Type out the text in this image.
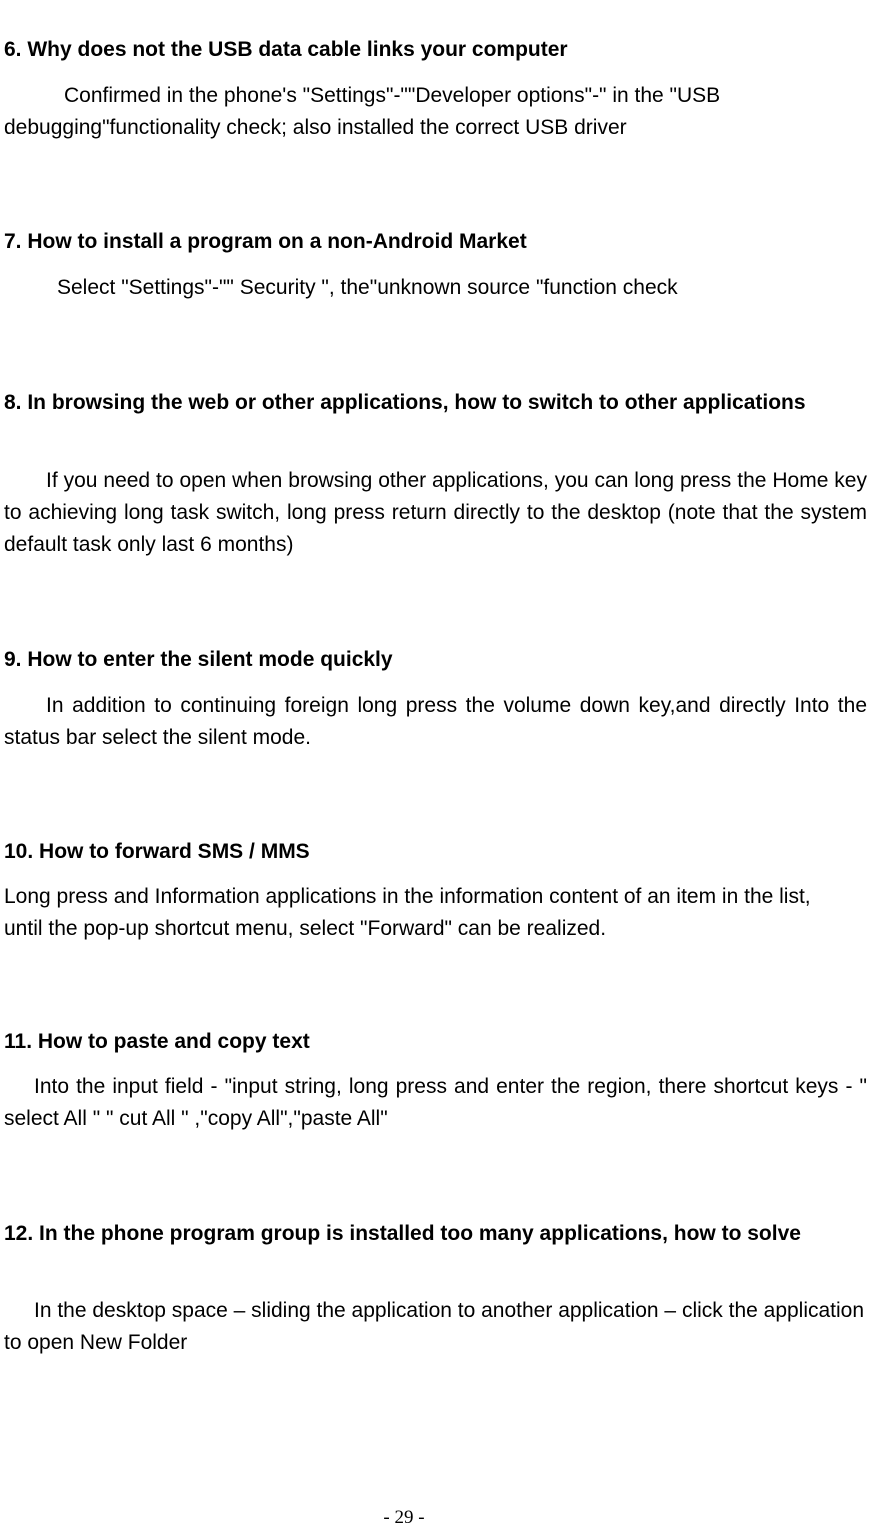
6. Why does not the USB data cable links your computer

Confirmed in the phone's "Settings"-""Developer options"-" in the "USB debugging"functionality check; also installed the correct USB driver

7. How to install a program on a non-Android Market

Select "Settings"-"" Security ", the"unknown source "function check

8. In browsing the web or other applications, how to switch to other applications

If you need to open when browsing other applications, you can long press the Home key to achieving long task switch, long press return directly to the desktop (note that the system default task only last 6 months)

9. How to enter the silent mode quickly

In addition to continuing foreign long press the volume down key,and directly Into the status bar select the silent mode.

10. How to forward SMS / MMS

Long press and Information applications in the information content of an item in the list, until the pop-up shortcut menu, select "Forward" can be realized.

11. How to paste and copy text

Into the input field - "input string, long press and enter the region, there shortcut keys - " select All " " cut All " ,"copy All","paste All"

12. In the phone program group is installed too many applications, how to solve

In the desktop space – sliding the application to another application – click the application to open New Folder

- 29 -
